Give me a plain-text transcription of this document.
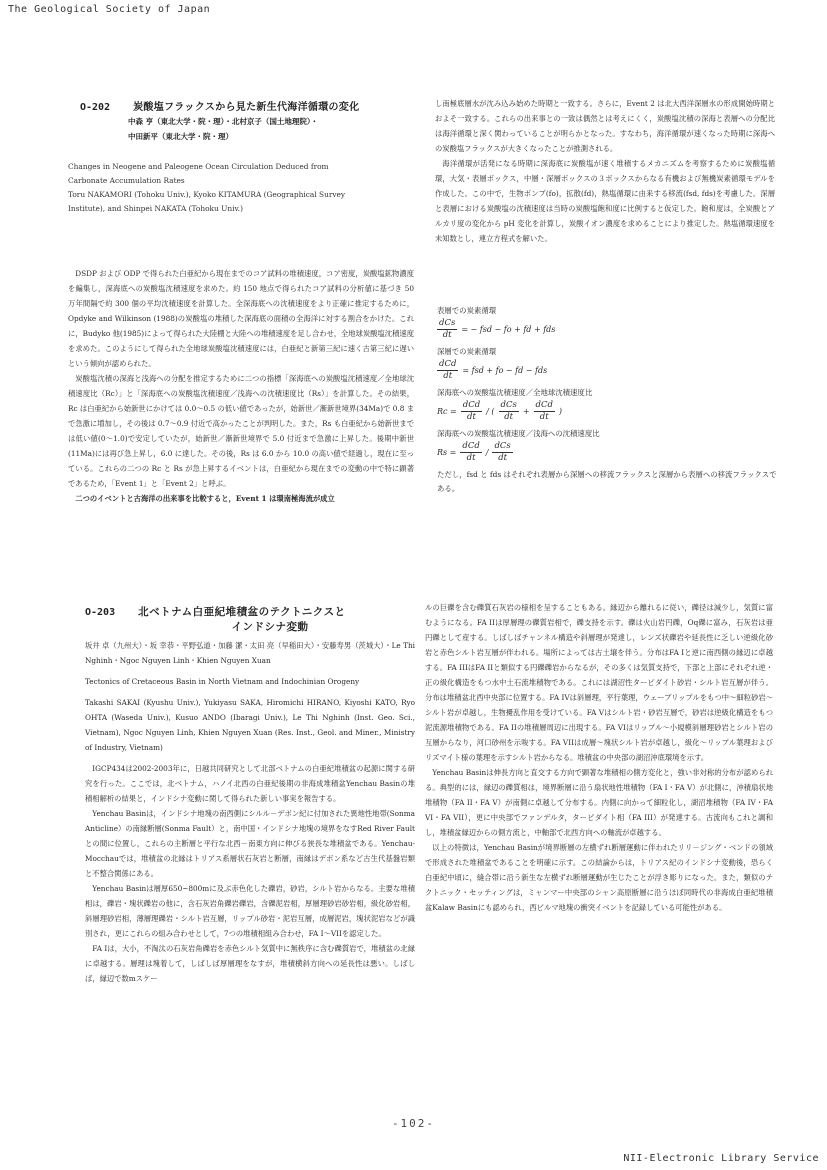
The Geological Society of Japan
O-202 炭酸塩フラックスから見た新生代海洋循環の変化
中森 亨（東北大学・院・理）・北村京子（国土地理院）・
中田新平（東北大学・院・理）
Changes in Neogene and Paleogene Ocean Circulation Deduced from
Carbonate Accumulation Rates
Toru NAKAMORI (Tohoku Univ.), Kyoko KITAMURA (Geographical Survey
Institute), and Shinpei NAKATA (Tohoku Univ.)

DSDP および ODP で得られた白亜紀から現在までのコア試料の堆積速度，コア密度，炭酸塩鉱物濃度を編集し，深海底への炭酸塩沈積速度を求めた。約 150 地点で得られたコア試料の分析値に基づき 50 万年間隔で約 300 個の平均沈積速度を計算した。全深海底への沈積速度をより正確に推定するために，Opdyke and Wilkinson (1988)の炭酸塩の堆積した深海底の面積の全海洋に対する割合をかけた。これに，Budyko 他(1985)によって得られた大陸棚と大陸への堆積速度を足し合わせ，全地球炭酸塩沈積速度を求めた。このようにして得られた全地球炭酸塩沈積速度には，白亜紀と新第三紀に速く古第三紀に遅いという傾向が認められた。

炭酸塩沈積の深海と浅海への分配を推定するために二つの指標「深海底への炭酸塩沈積速度／全地球沈積速度比（Rc）」と「深海底への炭酸塩沈積速度／浅海への沈積速度比（Rs）」を計算した。その結果，Rc は白亜紀から始新世にかけては 0.0〜0.5 の低い値であったが，始新世／漸新世境界(34Ma)で 0.8 まで急激に増加し，その後は 0.7〜0.9 付近で高かったことが判明した。また，Rs も白亜紀から始新世までは低い値(0〜1.0)で安定していたが，始新世／漸新世境界で 5.0 付近まで急激に上昇した。後期中新世(11Ma)には再び急上昇し，6.0 に達した。その後，Rs は 6.0 から 10.0 の高い値で経過し，現在に至っている。これらの二つの Rc と Rs が急上昇するイベントは，白亜紀から現在までの変動の中で特に顕著であるため，「Event 1」と「Event 2」と呼ぶ。

二つのイベントと古海洋の出来事を比較すると，Event 1 は環南極海流が成立

し南極底層水が沈み込み始めた時期と一致する。さらに，Event 2 は北大西洋深層水の形成開始時期とおよそ一致する。これらの出来事との一致は偶然とは考えにくく，炭酸塩沈積の深海と表層への分配比は海洋循環と深く関わっていることが明らかとなった。すなわち，海洋循環が速くなった時期に深海への炭酸塩フラックスが大きくなったことが推測される。

海洋循環が活発になる時期に深海底に炭酸塩が速く堆積するメカニズムを考察するために炭酸塩循環，大気・表層ボックス，中層・深層ボックスの３ボックスからなる有機および無機炭素循環モデルを作成した。この中で，生物ポンプ(fo)，拡散(fd)，熱塩循環に由来する移流(fsd, fds)を考慮した。深層と表層における炭酸塩の沈積速度は当時の炭酸塩飽和度に比例すると仮定した。飽和度は，全炭酸とアルカリ度の変化から pH 変化を計算し，炭酸イオン濃度を求めることにより推定した。熱塩循環速度を未知数とし，連立方程式を解いた。

表層での炭素循環
$\frac{\text{dCs}}{dt}$ = − fsd − fo + fd + fds
深層での炭素循環
$\frac{\text{dCd}}{dt}$ = fsd + fo − fd − fds
深海底への炭酸塩沈積速度／全地球沈積速度比
$Rc = \frac{\text{dCd}}{dt}$ / ( $\frac{\text{dCs}}{dt} + \frac{\text{dCd}}{dt}$ )
深海底への炭酸塩沈積速度／浅海への沈積速度比
$Rs = \frac{\text{dCd}}{dt} / \frac{\text{dCs}}{dt}$
ただし，fsd と fds はそれぞれ表層から深層への移流フラックスと深層から表層への移流フラックスである。
O-203 北ベトナム白亜紀堆積盆のテクトニクスと
インドシナ変動

坂井 卓（九州大）・坂 幸恭・平野弘道・加藤 潔・太田 亮（早稲田大）・安藤寿男（茨城大）・Le Thi Nghinh・Ngoc Nguyen Linh・Khien Nguyen Xuan

Tectonics of Cretaceous Basin in North Vietnam and Indochinian Orogeny

Takashi SAKAI (Kyushu Univ.), Yukiyasu SAKA, Hiromichi HIRANO, Kiyoshi KATO, Ryo OHTA (Waseda Univ.), Kusuo ANDO (Ibaragi Univ.), Le Thi Nghinh (Inst. Geo. Sci., Vietnam), Ngoc Nguyen Linh, Khien Nguyen Xuan (Res. Inst., Geol. and Miner., Ministry of Industry, Vietnam)

IGCP434は2002-2003年に，日越共同研究として北部ベトナムの白亜紀堆積盆の起源に関する研究を行った。ここでは，北ベトナム，ハノイ北西の白亜紀後期の非海成堆積盆Yenchau Basinの堆積相解析の結果と，インドシナ変動に関して得られた新しい事実を報告する。

Yenchau Basinは，インドシナ地塊の南西側にシルル－デボン紀に付加された異地性地帯(Sonma Anticline）の南縁断層(Sonma Fault）と，南中国・インドシナ地塊の境界をなすRed River Faultとの間に位置し，これらの主断層と平行な北西－南東方向に伸びる狭長な堆積盆である。Yenchau-Mocchauでは，堆積盆の北縁はトリアス系層状石灰岩と断層，南縁はデボン系など古生代基盤岩類と不整合関係にある。

Yenchau Basinは層厚650~800mに及ぶ赤色化した礫岩，砂岩，シルト岩からなる。主要な堆積相は，礫岩・塊状礫岩の他に，含石灰岩角礫岩礫岩，含礫泥岩相，厚層理砂岩砂岩相，級化砂岩相，斜層理砂岩相，薄層理礫岩・シルト岩互層，リップル砂岩・泥岩互層，成層泥岩，塊状泥岩などが識別され，更にこれらの組み合わせとして，7つの堆積相組み合わせ，FA I〜VIIを認定した。

FA Iは，大小，不淘汰の石灰岩角礫岩を赤色シルト気質中に無秩序に含む礫質岩で，堆積盆の北縁に卓越する。層理は塊着して，しばしば厚層理をなすが，堆積横斜方向への延長性は悪い。しばしば，縁辺で数mスケー

ルの巨礫を含む礫質石灰岩の様相を呈することもある。縁辺から離れるに従い，礫径は減少し，気質に富むようになる。FA IIは厚層理の礫質岩相で，礫支持を示す。礫は火山岩円礫，Oq礫に富み，石灰岩は亜円礫として産する。しばしばチャンネル構造や斜層理が発達し，レンズ状礫岩や延長性に乏しい逆級化砂岩と赤色シルト岩互層が伴われる。場所によっては古土壌を伴う。分布はFA Iと逆に南西側の縁辺に卓越する。FA IIIはFA IIと類似する円礫礫岩からなるが，その多くは気質支持で，下部と上部にそれぞれ逆・正の級化構造をもつ水中土石流堆積物である。これには湖沼性ターピダイト砂岩・シルト岩互層が伴う。分布は堆積盆北西中央部に位置する。FA IVは斜層理，平行葉理，ウェーブリップルをもつ中～細粒砂岩～シルト岩が卓越し，生物擾乱作用を受けている。FA Vはシルト岩・砂岩互層で，砂岩は逆級化構造をもつ泥流源堆積物である。FA IIの堆積層周辺に出現する。FA VIはリップル～小規模斜層理砂岩とシルト岩の互層からなり，河口砂州を示唆する。FA VIIは成層～塊状シルト岩が卓越し，級化～リップル葉理およびリズマイト様の葉理を示すシルト岩からなる。堆積盆の中央部の湖沼沖底環境を示す。

Yenchau Basinは伸長方向と直交する方向で顕著な堆積相の側方変化と，強い非対称的分布が認められる。典型的には，縁辺の礫質相は，境界断層に沿う扇状地性堆積物（FA I・FA V）が北側に，沖積扇状地堆積物（FA II・FA V）が南側に卓越して分布する。内側に向かって細粒化し，湖沼堆積物（FA IV・FA VI・FA VII），更に中央部でファンデルタ，ターピダイト相（FA III）が発達する。古流向もこれと調和し，堆積盆縁辺からの側方流と，中軸部で北西方向への軸流が卓越する。

以上の特徴は，Yenchau Basinが境界断層の左横ずれ断層運動に伴われたリリ－ジング・ベンドの領域で形成された堆積盆であることを明確に示す。この結論からは，トリアス紀のインドシナ変動後，恐らく白亜紀中頃に，縫合帯に沿う新生な左横ずれ断層運動が生じたことが浮き彫りになった。また，類似のテクトニック・セッティングは，ミャンマー中央部のシャン高原断層に沿うほぼ同時代の非海成白亜紀堆積盆Kalaw Basinにも認められ，西ビルマ地塊の衝突イベントを記録している可能性がある。

-102-
NII-Electronic Library Service
